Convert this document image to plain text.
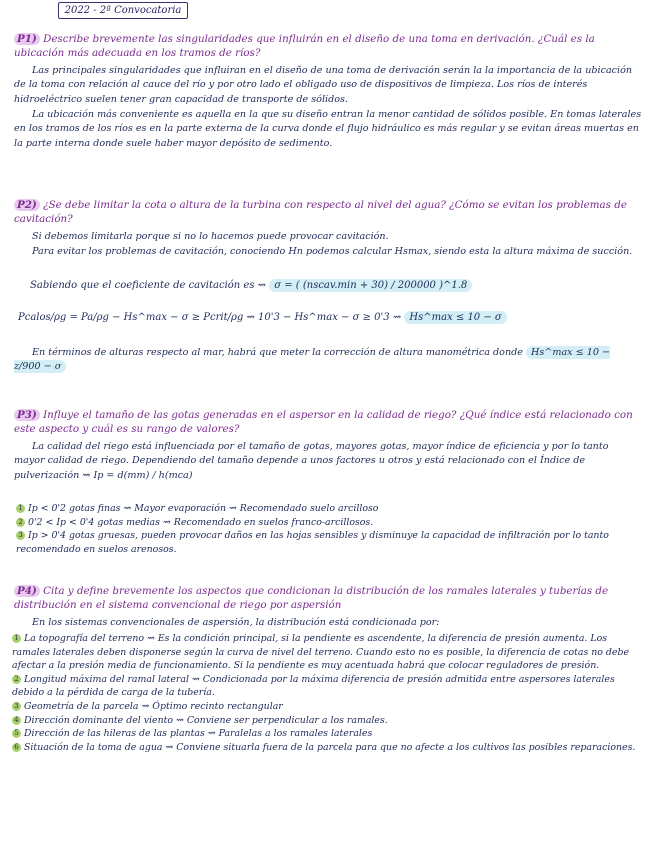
2022 - 2ª Convocatoria
P1) Describe brevemente las singularidades que influirán en el diseño de una toma en derivación. ¿Cuál es la ubicación más adecuada en los tramos de ríos?
Las principales singularidades que influiran en el diseño de una toma de derivación serán la la importancia de la ubicación de la toma con relación al cauce del río y por otro lado el obligado uso de dispositivos de limpieza. Los ríos de interés hidroeléctrico suelen tener gran capacidad de transporte de sólidos.
La ubicación más conveniente es aquella en la que su diseño entran la menor cantidad de sólidos posible. En tomas laterales en los tramos de los ríos es en la parte externa de la curva donde el flujo hidráulico es más regular y se evitan áreas muertas en la parte interna donde suele haber mayor depósito de sedimento.
P2) ¿Se debe limitar la cota o altura de la turbina con respecto al nivel del agua? ¿Cómo se evitan los problemas de cavitación?
Si debemos limitarla porque si no lo hacemos puede provocar cavitación.
Para evitar los problemas de cavitación, conociendo Hn podemos calcular Hsmax, siendo esta la altura máxima de succión.
Sabiendo que el coeficiente de cavitación es ⇝ σ = ( (nscav.min + 30) / 200000 )^1.8
Pcalos/ρg = Pa/ρg − Hs^max − σ ≥ Pcrit/ρg ⇝ 10'3 − Hs^max − σ ≥ 0'3 ⇝ Hs^max ≤ 10 − σ
En términos de alturas respecto al mar, habrá que meter la corrección de altura manométrica donde Hs^max ≤ 10 − z/900 − σ
P3) Influye el tamaño de las gotas generadas en el aspersor en la calidad de riego? ¿Qué índice está relacionado con este aspecto y cuál es su rango de valores?
La calidad del riego está influenciada por el tamaño de gotas, mayores gotas, mayor índice de eficiencia y por lo tanto mayor calidad de riego. Dependiendo del tamaño depende a unos factores u otros y está relacionado con el Índice de pulverización ⇝ Ip = d(mm) / h(mca)
1 Ip < 0'2 gotas finas ⇝ Mayor evaporación ⇝ Recomendado suelo arcilloso
2 0'2 < Ip < 0'4 gotas medias ⇝ Recomendado en suelos franco-arcillosos.
3 Ip > 0'4 gotas gruesas, pueden provocar daños en las hojas sensibles y disminuye la capacidad de infiltración por lo tanto recomendado en suelos arenosos.
P4) Cita y define brevemente los aspectos que condicionan la distribución de los ramales laterales y tuberías de distribución en el sistema convencional de riego por aspersión
En los sistemas convencionales de aspersión, la distribución está condicionada por:
1 La topografía del terreno ⇝ Es la condición principal, si la pendiente es ascendente, la diferencia de presión aumenta. Los ramales laterales deben disponerse según la curva de nivel del terreno. Cuando esto no es posible, la diferencia de cotas no debe afectar a la presión media de funcionamiento. Si la pendiente es muy acentuada habrá que colocar reguladores de presión.
2 Longitud máxima del ramal lateral ⇝ Condicionada por la máxima diferencia de presión admitida entre aspersores laterales debido a la pérdida de carga de la tubería.
3 Geometría de la parcela ⇝ Óptimo recinto rectangular
4 Dirección dominante del viento ⇝ Conviene ser perpendicular a los ramales.
5 Dirección de las hileras de las plantas ⇝ Paralelas a los ramales laterales
6 Situación de la toma de agua ⇝ Conviene situarla fuera de la parcela para que no afecte a los cultivos las posibles reparaciones.
